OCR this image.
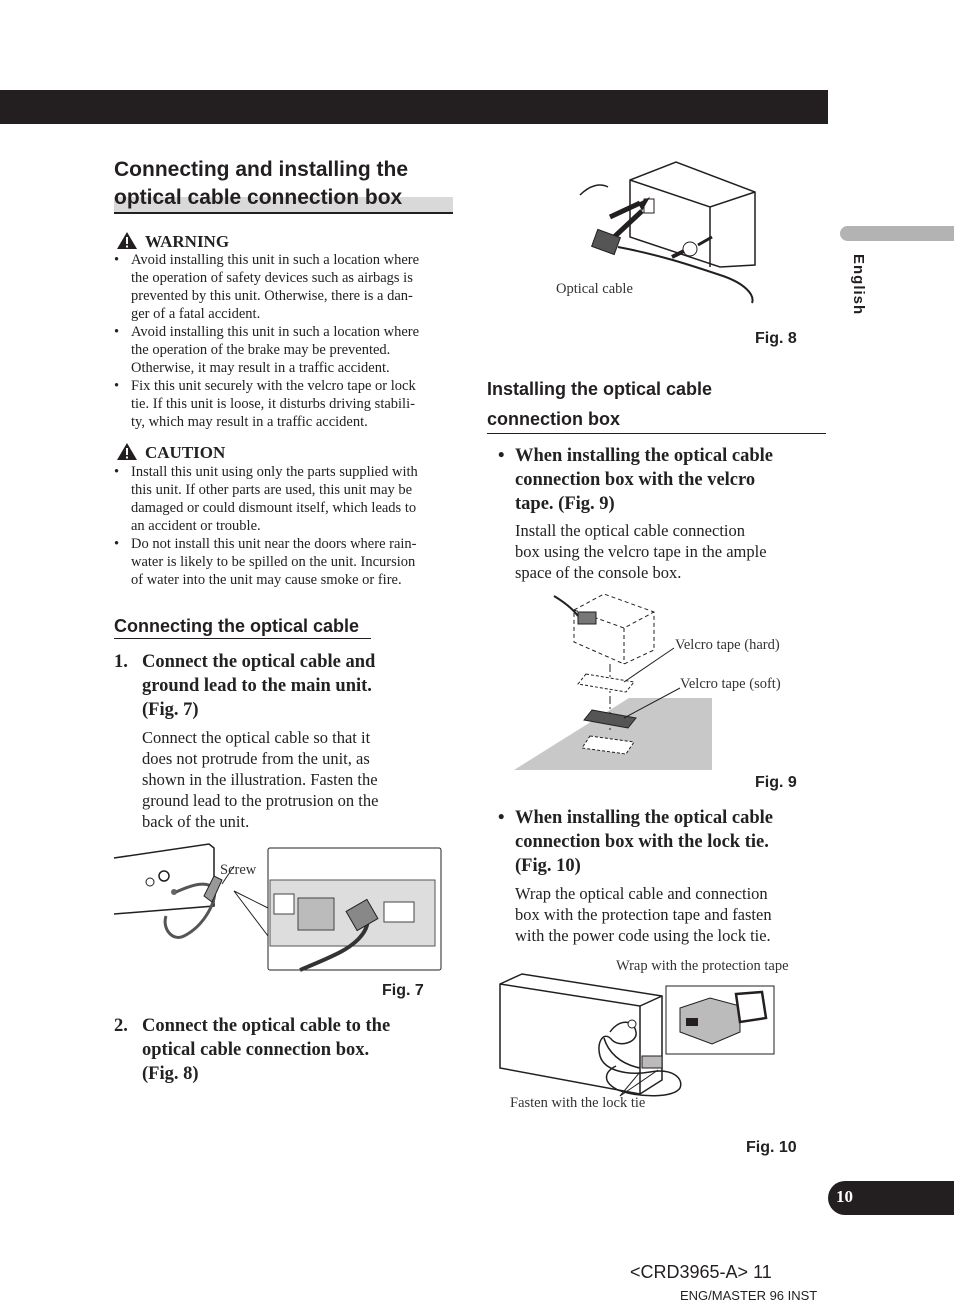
English
Connecting and installing the
optical cable connection box
WARNING
• Avoid installing this unit in such a location where
the operation of safety devices such as airbags is
prevented by this unit. Otherwise, there is a dan-
ger of a fatal accident.
• Avoid installing this unit in such a location where
the operation of the brake may be prevented.
Otherwise, it may result in a traffic accident.
• Fix this unit securely with the velcro tape or lock
tie. If this unit is loose, it disturbs driving stabili-
ty, which may result in a traffic accident.
CAUTION
• Install this unit using only the parts supplied with
this unit. If other parts are used, this unit may be
damaged or could dismount itself, which leads to
an accident or trouble.
• Do not install this unit near the doors where rain-
water is likely to be spilled on the unit. Incursion
of water into the unit may cause smoke or fire.
Connecting the optical cable
1. Connect the optical cable and
ground lead to the main unit.
(Fig. 7)
Connect the optical cable so that it
does not protrude from the unit, as
shown in the illustration. Fasten the
ground lead to the protrusion on the
back of the unit.
Screw
Fig. 7
2. Connect the optical cable to the
optical cable connection box.
(Fig. 8)
Optical cable
Fig. 8
Installing the optical cable
connection box
• When installing the optical cable
connection box with the velcro
tape. (Fig. 9)
Install the optical cable connection
box using the velcro tape in the ample
space of the console box.
Velcro tape (hard)
Velcro tape (soft)
Fig. 9
• When installing the optical cable
connection box with the lock tie.
(Fig. 10)
Wrap the optical cable and connection
box with the protection tape and fasten
with the power code using the lock tie.
Wrap with the protection tape
Fasten with the lock tie
Fig. 10
10
<CRD3965-A> 11
ENG/MASTER 96 INST
